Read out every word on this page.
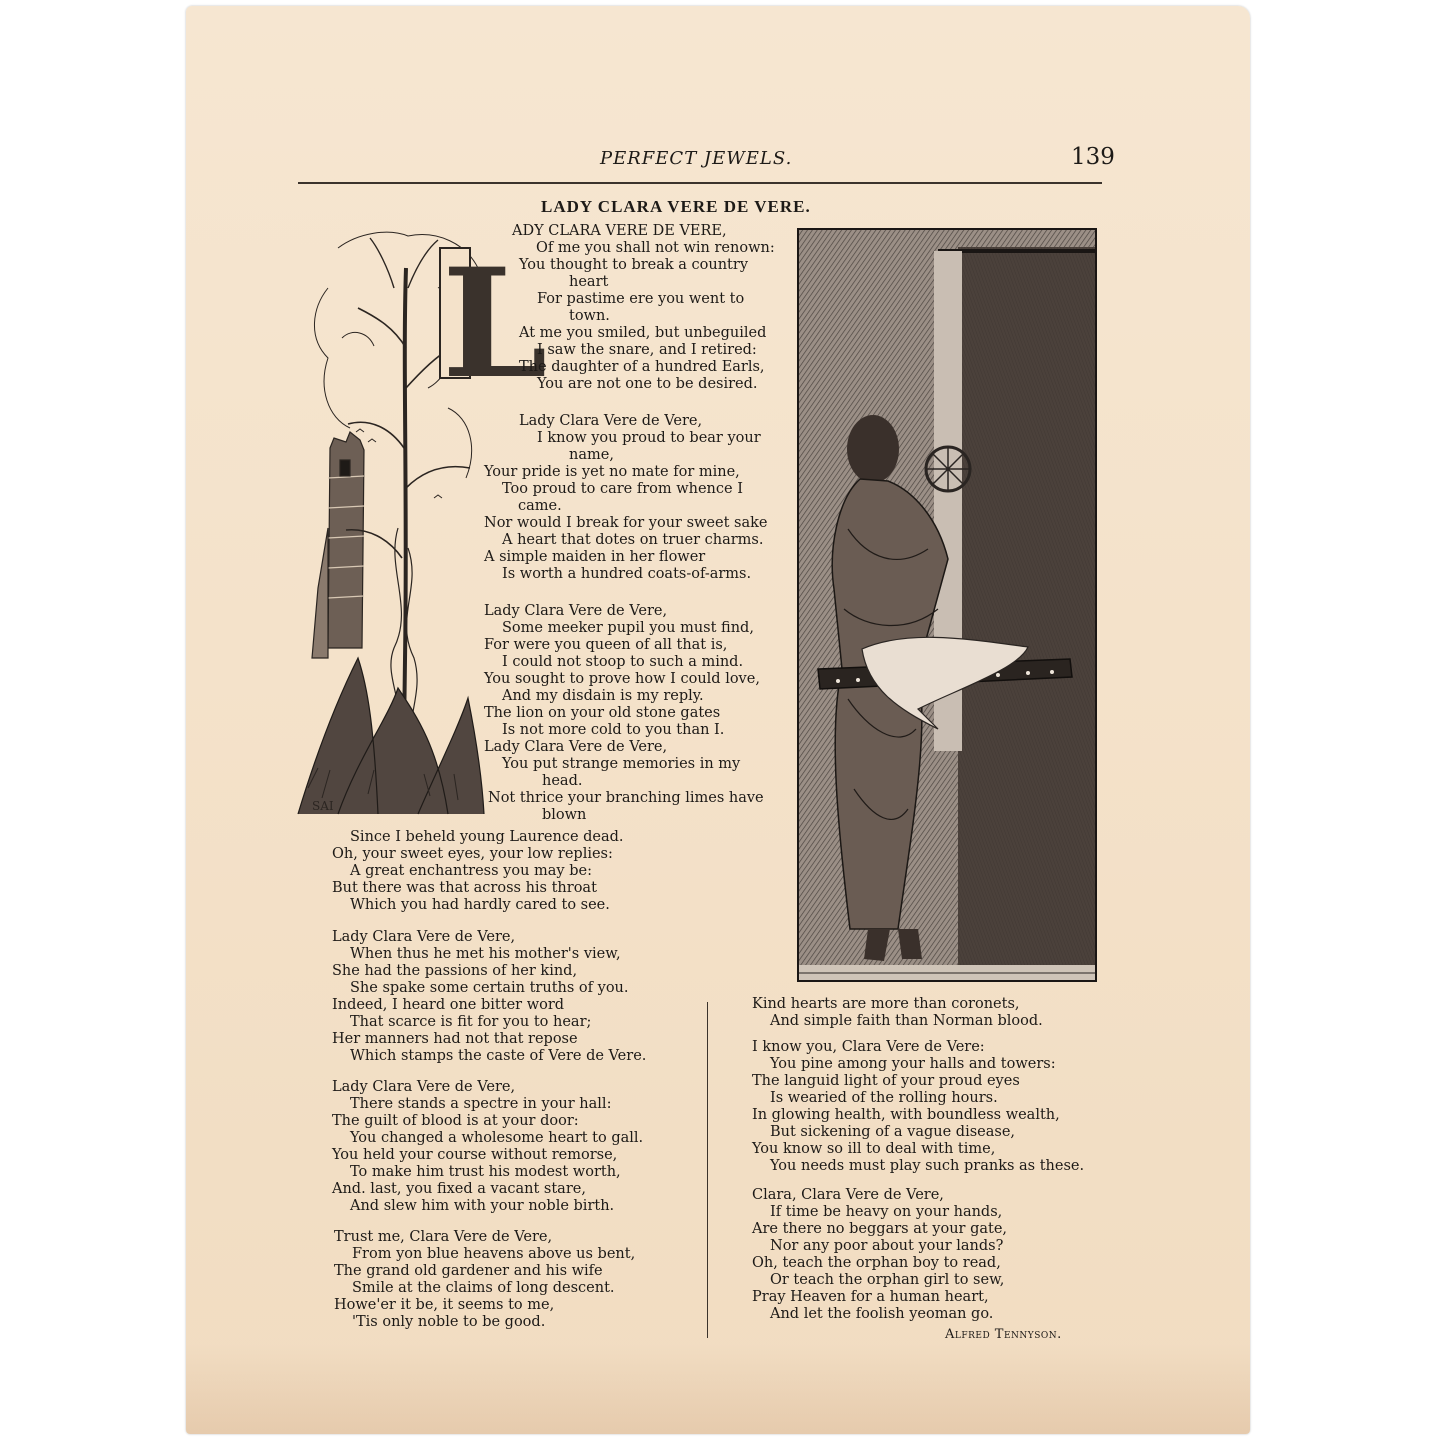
PERFECT JEWELS.	139
LADY CLARA VERE DE VERE.
L
SAI
ADY CLARA VERE DE VERE,
Of me you shall not win renown:
You thought to break a country
heart
For pastime ere you went to
town.
At me you smiled, but unbeguiled
I saw the snare, and I retired:
The daughter of a hundred Earls,
You are not one to be desired.
Lady Clara Vere de Vere,
I know you proud to bear your
name,
Your pride is yet no mate for mine,
Too proud to care from whence I
came.
Nor would I break for your sweet sake
A heart that dotes on truer charms.
A simple maiden in her flower
Is worth a hundred coats-of-arms.
Lady Clara Vere de Vere,
Some meeker pupil you must find,
For were you queen of all that is,
I could not stoop to such a mind.
You sought to prove how I could love,
And my disdain is my reply.
The lion on your old stone gates
Is not more cold to you than I.
Lady Clara Vere de Vere,
You put strange memories in my
head.
Not thrice your branching limes have
blown
Since I beheld young Laurence dead.
Oh, your sweet eyes, your low replies:
A great enchantress you may be:
But there was that across his throat
Which you had hardly cared to see.
Lady Clara Vere de Vere,
When thus he met his mother's view,
She had the passions of her kind,
She spake some certain truths of you.
Indeed, I heard one bitter word
That scarce is fit for you to hear;
Her manners had not that repose
Which stamps the caste of Vere de Vere.
Lady Clara Vere de Vere,
There stands a spectre in your hall:
The guilt of blood is at your door:
You changed a wholesome heart to gall.
You held your course without remorse,
To make him trust his modest worth,
And. last, you fixed a vacant stare,
And slew him with your noble birth.
Trust me, Clara Vere de Vere,
From yon blue heavens above us bent,
The grand old gardener and his wife
Smile at the claims of long descent.
Howe'er it be, it seems to me,
'Tis only noble to be good.
Kind hearts are more than coronets,
And simple faith than Norman blood.
I know you, Clara Vere de Vere:
You pine among your halls and towers:
The languid light of your proud eyes
Is wearied of the rolling hours.
In glowing health, with boundless wealth,
But sickening of a vague disease,
You know so ill to deal with time,
You needs must play such pranks as these.
Clara, Clara Vere de Vere,
If time be heavy on your hands,
Are there no beggars at your gate,
Nor any poor about your lands?
Oh, teach the orphan boy to read,
Or teach the orphan girl to sew,
Pray Heaven for a human heart,
And let the foolish yeoman go.
Alfred Tennyson.
